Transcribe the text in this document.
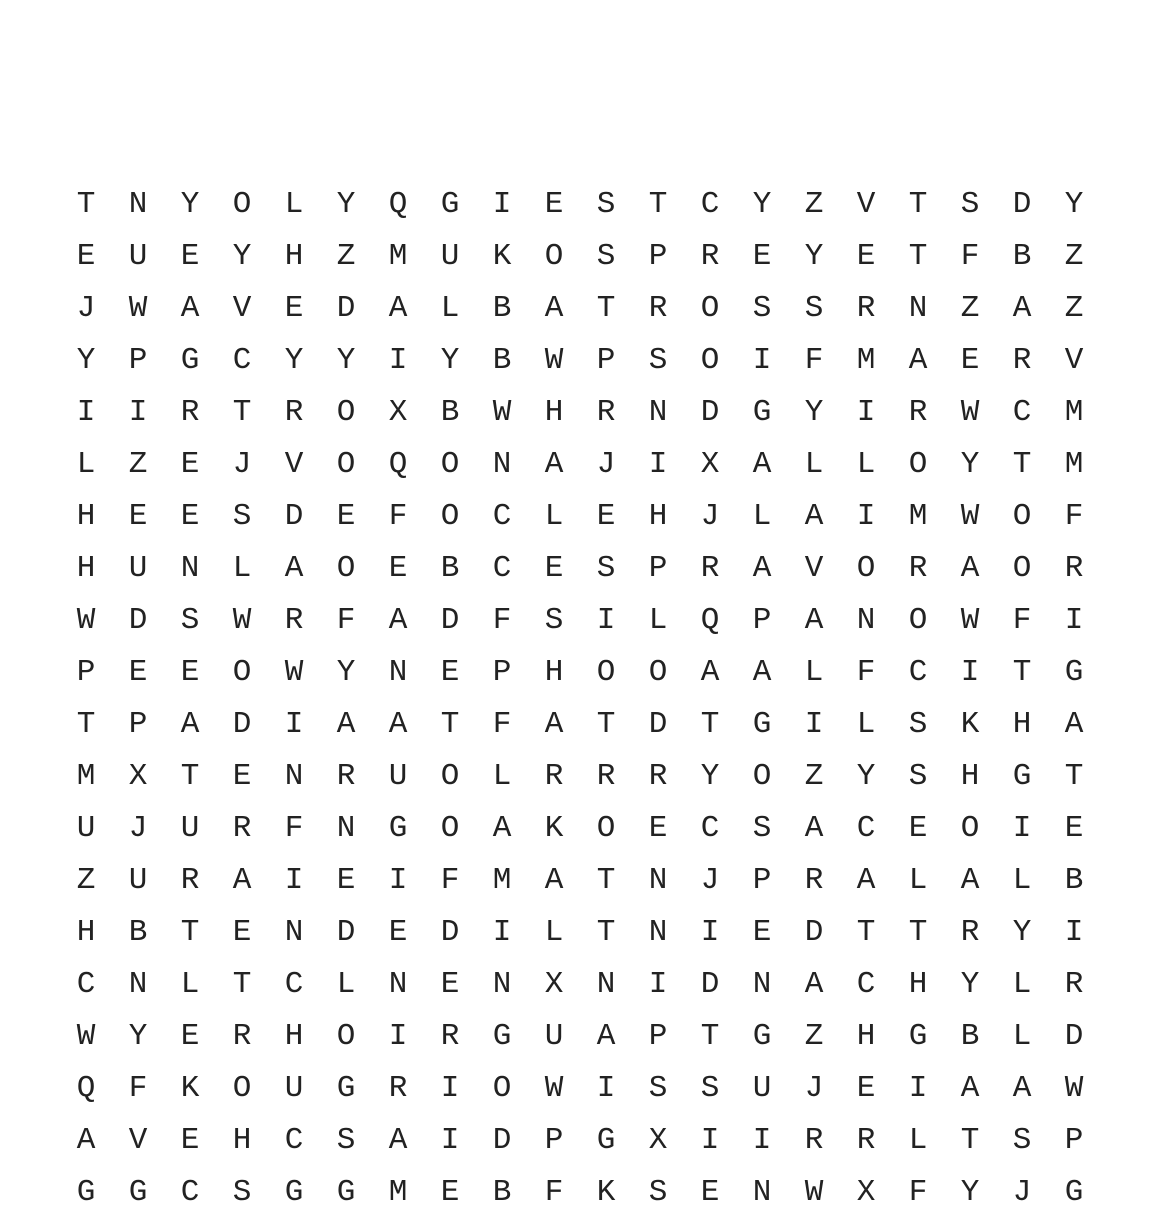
T	N	Y	O	L	Y	Q	G	I	E	S	T	C	Y	Z	V	T	S	D	Y
E	U	E	Y	H	Z	M	U	K	O	S	P	R	E	Y	E	T	F	B	Z
J	W	A	V	E	D	A	L	B	A	T	R	O	S	S	R	N	Z	A	Z
Y	P	G	C	Y	Y	I	Y	B	W	P	S	O	I	F	M	A	E	R	V
I	I	R	T	R	O	X	B	W	H	R	N	D	G	Y	I	R	W	C	M
L	Z	E	J	V	O	Q	O	N	A	J	I	X	A	L	L	O	Y	T	M
H	E	E	S	D	E	F	O	C	L	E	H	J	L	A	I	M	W	O	F
H	U	N	L	A	O	E	B	C	E	S	P	R	A	V	O	R	A	O	R
W	D	S	W	R	F	A	D	F	S	I	L	Q	P	A	N	O	W	F	I
P	E	E	O	W	Y	N	E	P	H	O	O	A	A	L	F	C	I	T	G
T	P	A	D	I	A	A	T	F	A	T	D	T	G	I	L	S	K	H	A
M	X	T	E	N	R	U	O	L	R	R	R	Y	O	Z	Y	S	H	G	T
U	J	U	R	F	N	G	O	A	K	O	E	C	S	A	C	E	O	I	E
Z	U	R	A	I	E	I	F	M	A	T	N	J	P	R	A	L	A	L	B
H	B	T	E	N	D	E	D	I	L	T	N	I	E	D	T	T	R	Y	I
C	N	L	T	C	L	N	E	N	X	N	I	D	N	A	C	H	Y	L	R
W	Y	E	R	H	O	I	R	G	U	A	P	T	G	Z	H	G	B	L	D
Q	F	K	O	U	G	R	I	O	W	I	S	S	U	J	E	I	A	A	W
A	V	E	H	C	S	A	I	D	P	G	X	I	I	R	R	L	T	S	P
G	G	C	S	G	G	M	E	B	F	K	S	E	N	W	X	F	Y	J	G
